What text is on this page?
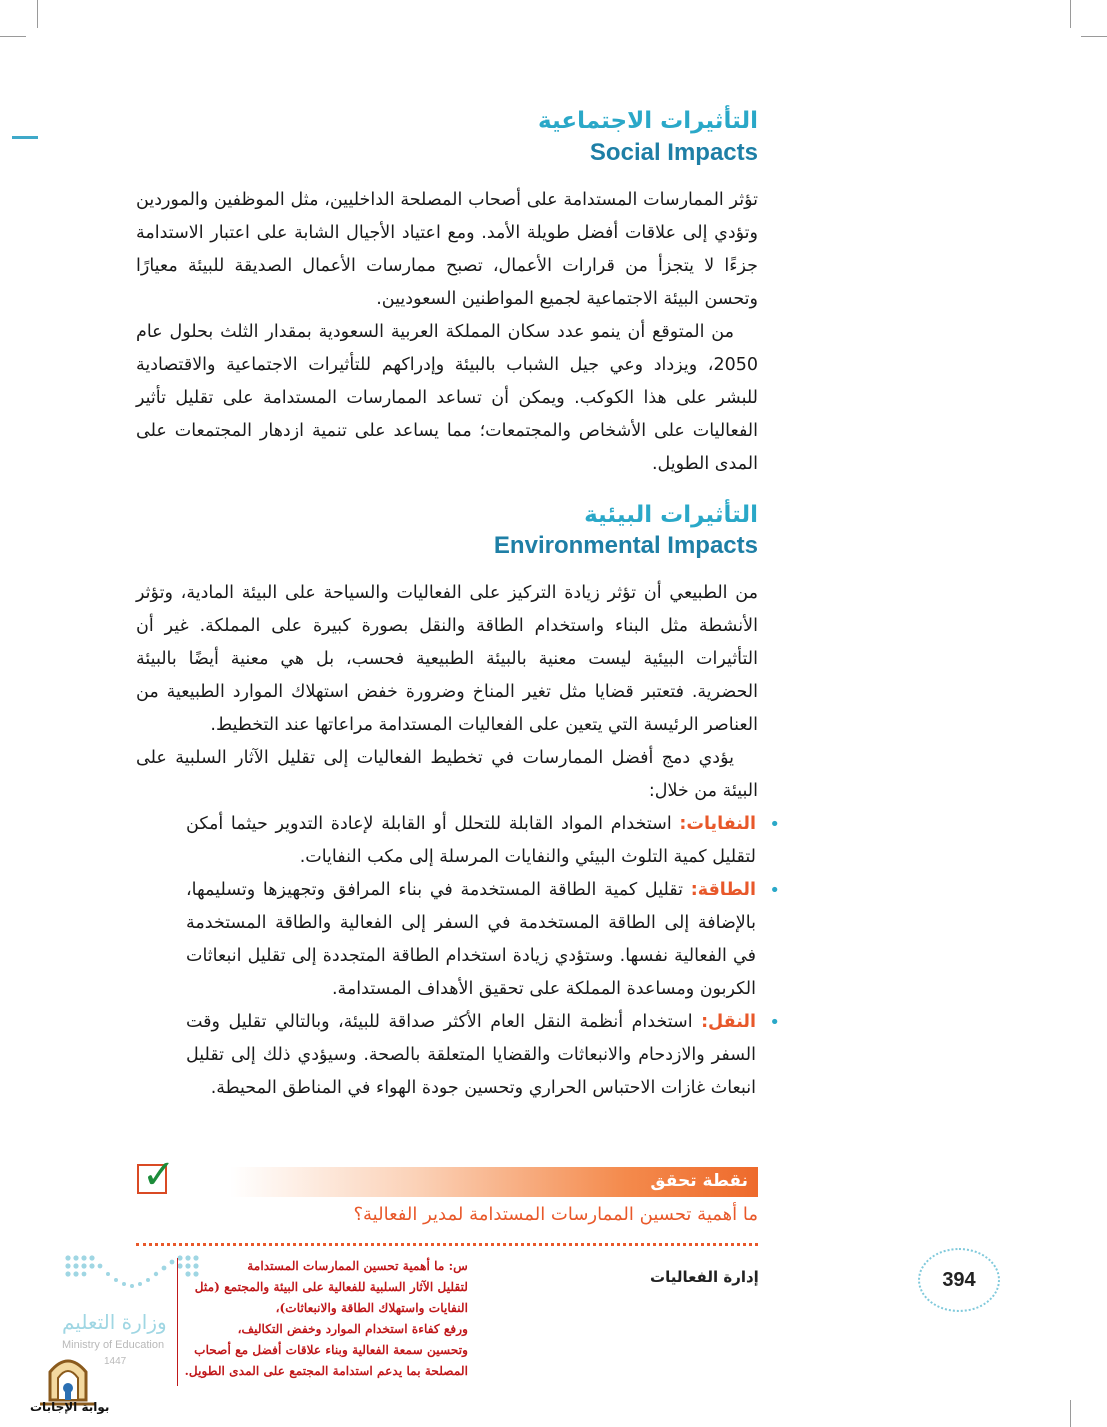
التأثيرات الاجتماعية
Social Impacts

تؤثر الممارسات المستدامة على أصحاب المصلحة الداخليين، مثل الموظفين والموردين وتؤدي إلى علاقات أفضل طويلة الأمد. ومع اعتياد الأجيال الشابة على اعتبار الاستدامة جزءًا لا يتجزأ من قرارات الأعمال، تصبح ممارسات الأعمال الصديقة للبيئة معيارًا وتحسن البيئة الاجتماعية لجميع المواطنين السعوديين.

من المتوقع أن ينمو عدد سكان المملكة العربية السعودية بمقدار الثلث بحلول عام 2050، ويزداد وعي جيل الشباب بالبيئة وإدراكهم للتأثيرات الاجتماعية والاقتصادية للبشر على هذا الكوكب. ويمكن أن تساعد الممارسات المستدامة على تقليل تأثير الفعاليات على الأشخاص والمجتمعات؛ مما يساعد على تنمية ازدهار المجتمعات على المدى الطويل.

التأثيرات البيئية
Environmental Impacts

من الطبيعي أن تؤثر زيادة التركيز على الفعاليات والسياحة على البيئة المادية، وتؤثر الأنشطة مثل البناء واستخدام الطاقة والنقل بصورة كبيرة على المملكة. غير أن التأثيرات البيئية ليست معنية بالبيئة الطبيعية فحسب، بل هي معنية أيضًا بالبيئة الحضرية. فتعتبر قضايا مثل تغير المناخ وضرورة خفض استهلاك الموارد الطبيعية من العناصر الرئيسة التي يتعين على الفعاليات المستدامة مراعاتها عند التخطيط.

يؤدي دمج أفضل الممارسات في تخطيط الفعاليات إلى تقليل الآثار السلبية على البيئة من خلال:

• النفايات: استخدام المواد القابلة للتحلل أو القابلة لإعادة التدوير حيثما أمكن لتقليل كمية التلوث البيئي والنفايات المرسلة إلى مكب النفايات.
• الطاقة: تقليل كمية الطاقة المستخدمة في بناء المرافق وتجهيزها وتسليمها، بالإضافة إلى الطاقة المستخدمة في السفر إلى الفعالية والطاقة المستخدمة في الفعالية نفسها. وستؤدي زيادة استخدام الطاقة المتجددة إلى تقليل انبعاثات الكربون ومساعدة المملكة على تحقيق الأهداف المستدامة.
• النقل: استخدام أنظمة النقل العام الأكثر صداقة للبيئة، وبالتالي تقليل وقت السفر والازدحام والانبعاثات والقضايا المتعلقة بالصحة. وسيؤدي ذلك إلى تقليل انبعاث غازات الاحتباس الحراري وتحسين جودة الهواء في المناطق المحيطة.
✓	نقطة تحقق
ما أهمية تحسين الممارسات المستدامة لمدير الفعالية؟
إدارة الفعاليات	394
وزارة التعليم
Ministry of Education
1447
س: ما أهمية تحسين الممارسات المستدامة
لتقليل الآثار السلبية للفعالية على البيئة والمجتمع (مثل
النفايات واستهلاك الطاقة والانبعاثات)،
ورفع كفاءة استخدام الموارد وخفض التكاليف،
وتحسين سمعة الفعالية وبناء علاقات أفضل مع أصحاب
المصلحة بما يدعم استدامة المجتمع على المدى الطويل.
بوابة الإجابات
